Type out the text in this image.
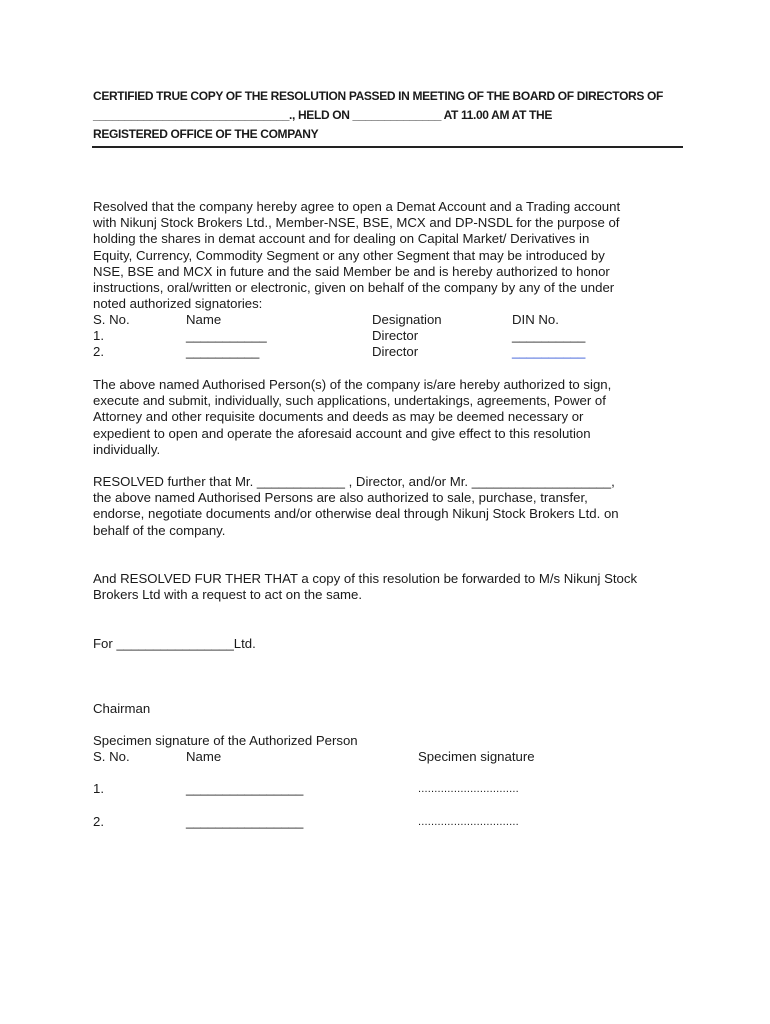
CERTIFIED TRUE COPY OF THE RESOLUTION PASSED IN MEETING OF THE BOARD OF DIRECTORS OF
_______________________________., HELD ON ______________ AT 11.00 AM AT THE
REGISTERED OFFICE OF THE COMPANY
Resolved that the company hereby agree to open a Demat Account and a Trading account
with Nikunj Stock Brokers Ltd., Member-NSE, BSE, MCX and DP-NSDL for the purpose of
holding the shares in demat account and for dealing on Capital Market/ Derivatives in
Equity, Currency, Commodity Segment or any other Segment that may be introduced by
NSE, BSE and MCX in future and the said Member be and is hereby authorized to honor
instructions, oral/written or electronic, given on behalf of the company by any of the under
noted authorized signatories:
S. No.	Name	Designation	DIN No.
1.	___________	Director	__________
2.	__________	Director	__________
The above named Authorised Person(s) of the company is/are hereby authorized to sign,
execute and submit, individually, such applications, undertakings, agreements, Power of
Attorney and other requisite documents and deeds as may be deemed necessary or
expedient to open and operate the aforesaid account and give effect to this resolution
individually.
RESOLVED further that Mr. ____________ , Director, and/or Mr. ___________________,
the above named Authorised Persons are also authorized to sale, purchase, transfer,
endorse, negotiate documents and/or otherwise deal through Nikunj Stock Brokers Ltd. on
behalf of the company.
And RESOLVED FUR THER THAT a copy of this resolution be forwarded to M/s Nikunj Stock
Brokers Ltd with a request to act on the same.
For ________________Ltd.
Chairman
Specimen signature of the Authorized Person
S. No.	Name	Specimen signature
1.	________________	...............................
2.	________________	...............................
